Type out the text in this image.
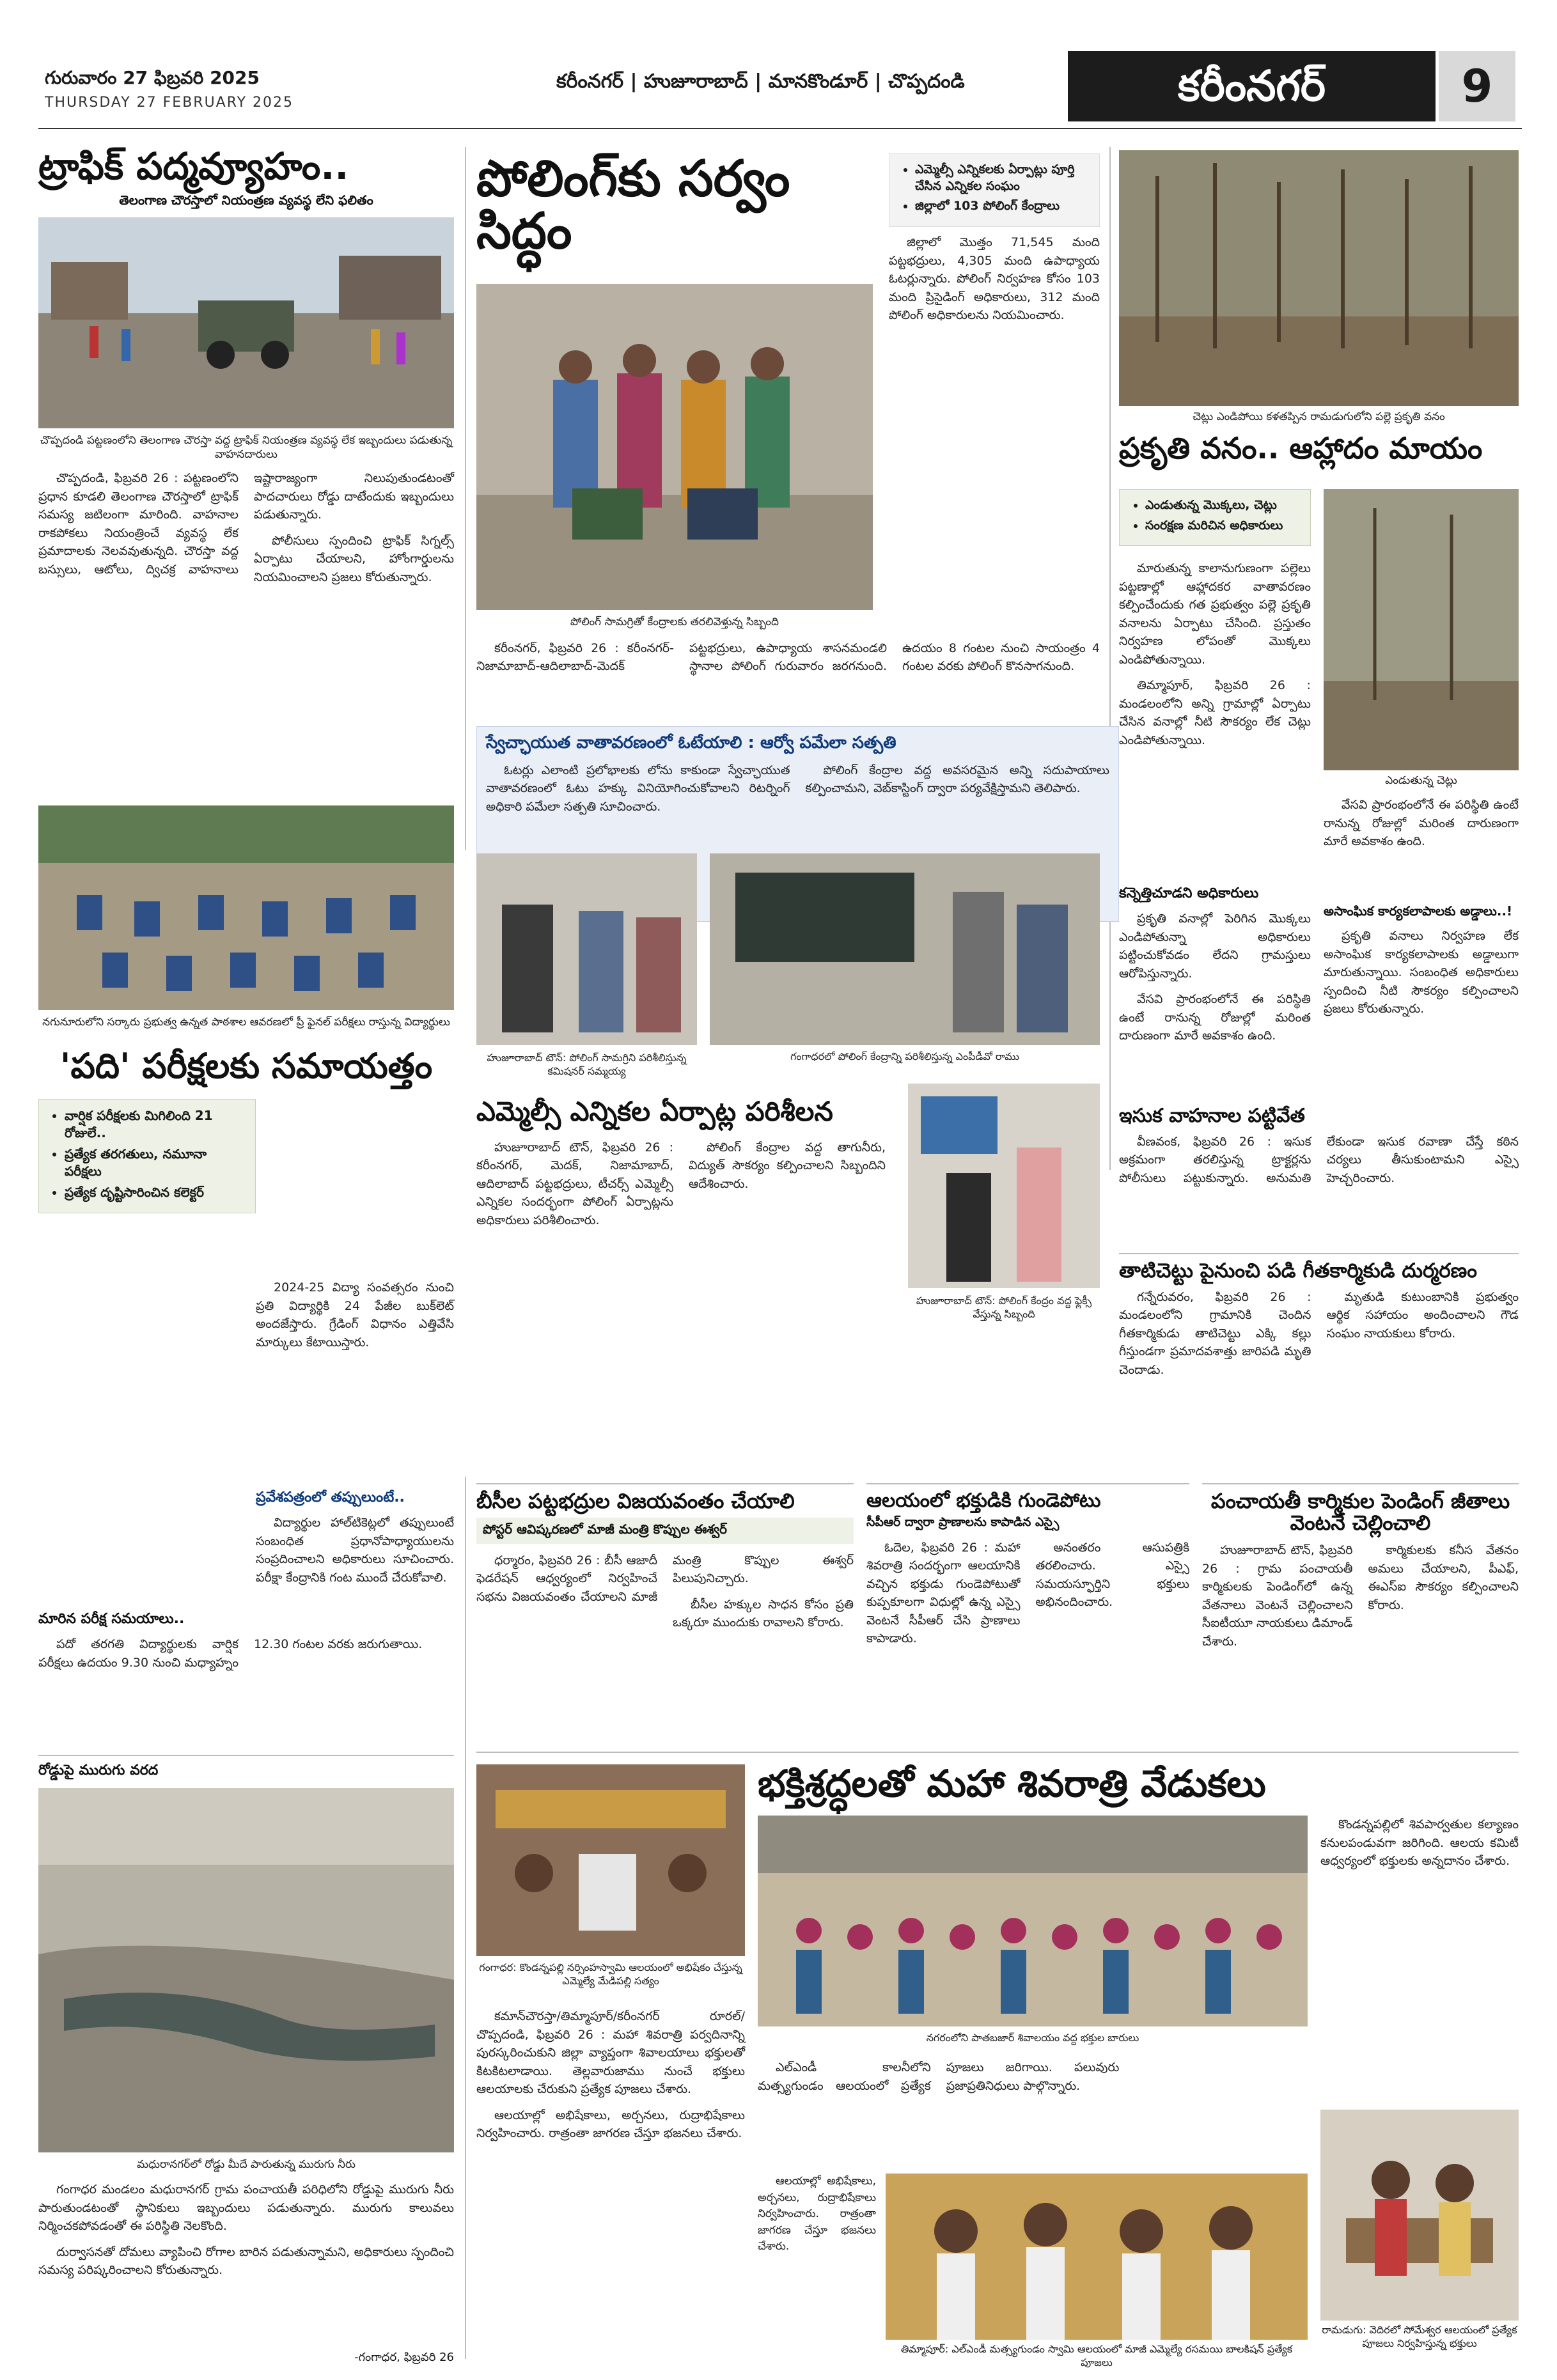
గురువారం 27 ఫిబ్రవరి 2025
THURSDAY 27 FEBRUARY 2025
కరీంనగర్ | హుజూరాబాద్ | మానకొండూర్ | చొప్పదండి	కరీంనగర్	9
ట్రాఫిక్ పద్మవ్యూహం..
తెలంగాణ చౌరస్తాలో నియంత్రణ వ్యవస్థ లేని ఫలితం
చొప్పదండి పట్టణంలోని తెలంగాణ చౌరస్తా వద్ద ట్రాఫిక్ నియంత్రణ వ్యవస్థ లేక ఇబ్బందులు పడుతున్న వాహనదారులు

చొప్పదండి, ఫిబ్రవరి 26 : పట్టణంలోని ప్రధాన కూడలి తెలంగాణ చౌరస్తాలో ట్రాఫిక్ సమస్య జటిలంగా మారింది. వాహనాల రాకపోకలు నియంత్రించే వ్యవస్థ లేక ప్రమాదాలకు నెలవవుతున్నది. చౌరస్తా వద్ద బస్సులు, ఆటోలు, ద్విచక్ర వాహనాలు ఇష్టారాజ్యంగా నిలుపుతుండటంతో పాదచారులు రోడ్డు దాటేందుకు ఇబ్బందులు పడుతున్నారు.

పోలీసులు స్పందించి ట్రాఫిక్ సిగ్నల్స్ ఏర్పాటు చేయాలని, హోంగార్డులను నియమించాలని ప్రజలు కోరుతున్నారు.

పోలింగ్‌కు సర్వం సిద్ధం
• ఎమ్మెల్సీ ఎన్నికలకు ఏర్పాట్లు పూర్తి చేసిన ఎన్నికల సంఘం
• జిల్లాలో 103 పోలింగ్ కేంద్రాలు
పోలింగ్ సామగ్రితో కేంద్రాలకు తరలివెళ్తున్న సిబ్బంది

జిల్లాలో మొత్తం 71,545 మంది పట్టభద్రులు, 4,305 మంది ఉపాధ్యాయ ఓటర్లున్నారు. పోలింగ్ నిర్వహణ కోసం 103 మంది ప్రిసైడింగ్ అధికారులు, 312 మంది పోలింగ్ అధికారులను నియమించారు.

కరీంనగర్, ఫిబ్రవరి 26 : కరీంనగర్- నిజామాబాద్-ఆదిలాబాద్-మెదక్ పట్టభద్రులు, ఉపాధ్యాయ శాసనమండలి స్థానాల పోలింగ్ గురువారం జరగనుంది. ఉదయం 8 గంటల నుంచి సాయంత్రం 4 గంటల వరకు పోలింగ్ కొనసాగనుంది.

స్వేచ్ఛాయుత వాతావరణంలో ఓటేయాలి : ఆర్వో పమేలా సత్పతి

ఓటర్లు ఎలాంటి ప్రలోభాలకు లోను కాకుండా స్వేచ్ఛాయుత వాతావరణంలో ఓటు హక్కు వినియోగించుకోవాలని రిటర్నింగ్ అధికారి పమేలా సత్పతి సూచించారు.

పోలింగ్ కేంద్రాల వద్ద అవసరమైన అన్ని సదుపాయాలు కల్పించామని, వెబ్‌కాస్టింగ్ ద్వారా పర్యవేక్షిస్తామని తెలిపారు.

చెట్లు ఎండిపోయి కళతప్పిన రామడుగులోని పల్లె ప్రకృతి వనం
ప్రకృతి వనం.. ఆహ్లాదం మాయం
• ఎండుతున్న మొక్కలు, చెట్లు
• సంరక్షణ మరిచిన అధికారులు
ఎండుతున్న చెట్లు

మారుతున్న కాలానుగుణంగా పల్లెలు పట్టణాల్లో ఆహ్లాదకర వాతావరణం కల్పించేందుకు గత ప్రభుత్వం పల్లె ప్రకృతి వనాలను ఏర్పాటు చేసింది. ప్రస్తుతం నిర్వహణ లోపంతో మొక్కలు ఎండిపోతున్నాయి.

తిమ్మాపూర్, ఫిబ్రవరి 26 : మండలంలోని అన్ని గ్రామాల్లో ఏర్పాటు చేసిన వనాల్లో నీటి సౌకర్యం లేక చెట్లు ఎండిపోతున్నాయి.

కన్నెత్తిచూడని అధికారులు

ప్రకృతి వనాల్లో పెరిగిన మొక్కలు ఎండిపోతున్నా అధికారులు పట్టించుకోవడం లేదని గ్రామస్తులు ఆరోపిస్తున్నారు.

వేసవి ప్రారంభంలోనే ఈ పరిస్థితి ఉంటే రానున్న రోజుల్లో మరింత దారుణంగా మారే అవకాశం ఉంది.

వేసవి ప్రారంభంలోనే ఈ పరిస్థితి ఉంటే రానున్న రోజుల్లో మరింత దారుణంగా మారే అవకాశం ఉంది.

అసాంఘిక కార్యకలాపాలకు అడ్డాలు..!

ప్రకృతి వనాలు నిర్వహణ లేక అసాంఘిక కార్యకలాపాలకు అడ్డాలుగా మారుతున్నాయి. సంబంధిత అధికారులు స్పందించి నీటి సౌకర్యం కల్పించాలని ప్రజలు కోరుతున్నారు.

నగునూరులోని సర్కారు ప్రభుత్వ ఉన్నత పాఠశాల ఆవరణలో ప్రీ ఫైనల్ పరీక్షలు రాస్తున్న విద్యార్థులు
'పది' పరీక్షలకు సమాయత్తం
• వార్షిక పరీక్షలకు మిగిలింది 21 రోజులే..
• ప్రత్యేక తరగతులు, నమూనా పరీక్షలు
• ప్రత్యేక దృష్టిసారించిన కలెక్టర్

2024-25 విద్యా సంవత్సరం నుంచి ప్రతి విద్యార్థికి 24 పేజీల బుక్‌లెట్ అందజేస్తారు. గ్రేడింగ్ విధానం ఎత్తివేసి మార్కులు కేటాయిస్తారు.

ప్రవేశపత్రంలో తప్పులుంటే..

విద్యార్థుల హాల్‌టికెట్లలో తప్పులుంటే సంబంధిత ప్రధానోపాధ్యాయులను సంప్రదించాలని అధికారులు సూచించారు. పరీక్షా కేంద్రానికి గంట ముందే చేరుకోవాలి.

మారిన పరీక్ష సమయాలు..

పదో తరగతి విద్యార్థులకు వార్షిక పరీక్షలు ఉదయం 9.30 నుంచి మధ్యాహ్నం 12.30 గంటల వరకు జరుగుతాయి.

హుజూరాబాద్ టౌన్: పోలింగ్ సామగ్రిని పరిశీలిస్తున్న కమిషనర్ సమ్మయ్య
గంగాధరలో పోలింగ్ కేంద్రాన్ని పరిశీలిస్తున్న ఎంపీడీవో రాము
ఎమ్మెల్సీ ఎన్నికల ఏర్పాట్ల పరిశీలన
హుజూరాబాద్ టౌన్: పోలింగ్ కేంద్రం వద్ద ఫ్లెక్సీ వేస్తున్న సిబ్బంది

హుజూరాబాద్ టౌన్, ఫిబ్రవరి 26 : కరీంనగర్, మెదక్, నిజామాబాద్, ఆదిలాబాద్ పట్టభద్రులు, టీచర్స్ ఎమ్మెల్సీ ఎన్నికల సందర్భంగా పోలింగ్ ఏర్పాట్లను అధికారులు పరిశీలించారు.

పోలింగ్ కేంద్రాల వద్ద తాగునీరు, విద్యుత్ సౌకర్యం కల్పించాలని సిబ్బందిని ఆదేశించారు.

ఇసుక వాహనాల పట్టివేత

వీణవంక, ఫిబ్రవరి 26 : ఇసుక అక్రమంగా తరలిస్తున్న ట్రాక్టర్లను పోలీసులు పట్టుకున్నారు. అనుమతి లేకుండా ఇసుక రవాణా చేస్తే కఠిన చర్యలు తీసుకుంటామని ఎస్సై హెచ్చరించారు.

తాటిచెట్టు పైనుంచి పడి గీతకార్మికుడి దుర్మరణం

గన్నేరువరం, ఫిబ్రవరి 26 : మండలంలోని గ్రామానికి చెందిన గీతకార్మికుడు తాటిచెట్టు ఎక్కి కల్లు గీస్తుండగా ప్రమాదవశాత్తు జారిపడి మృతి చెందాడు.

మృతుడి కుటుంబానికి ప్రభుత్వం ఆర్థిక సహాయం అందించాలని గౌడ సంఘం నాయకులు కోరారు.

బీసీల పట్టభద్రుల విజయవంతం చేయాలి
పోస్టర్ ఆవిష్కరణలో మాజీ మంత్రి కొప్పుల ఈశ్వర్

ధర్మారం, ఫిబ్రవరి 26 : బీసీ ఆజాదీ ఫెడరేషన్ ఆధ్వర్యంలో నిర్వహించే సభను విజయవంతం చేయాలని మాజీ మంత్రి కొప్పుల ఈశ్వర్ పిలుపునిచ్చారు.

బీసీల హక్కుల సాధన కోసం ప్రతి ఒక్కరూ ముందుకు రావాలని కోరారు.

ఆలయంలో భక్తుడికి గుండెపోటు
సీపీఆర్ ద్వారా ప్రాణాలను కాపాడిన ఎస్సై

ఓదెల, ఫిబ్రవరి 26 : మహా శివరాత్రి సందర్భంగా ఆలయానికి వచ్చిన భక్తుడు గుండెపోటుతో కుప్పకూలగా విధుల్లో ఉన్న ఎస్సై వెంటనే సీపీఆర్ చేసి ప్రాణాలు కాపాడారు.

అనంతరం ఆసుపత్రికి తరలించారు. ఎస్సై సమయస్ఫూర్తిని భక్తులు అభినందించారు.

పంచాయతీ కార్మికుల పెండింగ్ జీతాలు వెంటనే చెల్లించాలి

హుజూరాబాద్ టౌన్, ఫిబ్రవరి 26 : గ్రామ పంచాయతీ కార్మికులకు పెండింగ్‌లో ఉన్న వేతనాలు వెంటనే చెల్లించాలని సీఐటీయూ నాయకులు డిమాండ్ చేశారు.

కార్మికులకు కనీస వేతనం అమలు చేయాలని, పీఎఫ్, ఈఎస్ఐ సౌకర్యం కల్పించాలని కోరారు.

రోడ్డుపై మురుగు వరద
మధురానగర్‌లో రోడ్డు మీదే పారుతున్న మురుగు నీరు

గంగాధర మండలం మధురానగర్ గ్రామ పంచాయతీ పరిధిలోని రోడ్డుపై మురుగు నీరు పారుతుండటంతో స్థానికులు ఇబ్బందులు పడుతున్నారు. మురుగు కాలువలు నిర్మించకపోవడంతో ఈ పరిస్థితి నెలకొంది.

దుర్వాసనతో దోమలు వ్యాపించి రోగాల బారిన పడుతున్నామని, అధికారులు స్పందించి సమస్య పరిష్కరించాలని కోరుతున్నారు.

-గంగాధర, ఫిబ్రవరి 26
గంగాధర: కొండన్నపల్లి నర్సింహస్వామి ఆలయంలో అభిషేకం చేస్తున్న ఎమ్మెల్యే మేడిపల్లి సత్యం
భక్తిశ్రద్ధలతో మహా శివరాత్రి వేడుకలు
నగరంలోని పాతబజార్ శివాలయం వద్ద భక్తుల బారులు

కొండన్నపల్లిలో శివపార్వతుల కల్యాణం కనులపండువగా జరిగింది. ఆలయ కమిటీ ఆధ్వర్యంలో భక్తులకు అన్నదానం చేశారు.

కమాన్‌చౌరస్తా/తిమ్మాపూర్/కరీంనగర్ రూరల్/చొప్పదండి, ఫిబ్రవరి 26 : మహా శివరాత్రి పర్వదినాన్ని పురస్కరించుకుని జిల్లా వ్యాప్తంగా శివాలయాలు భక్తులతో కిటకిటలాడాయి. తెల్లవారుజాము నుంచే భక్తులు ఆలయాలకు చేరుకుని ప్రత్యేక పూజలు చేశారు.

ఆలయాల్లో అభిషేకాలు, అర్చనలు, రుద్రాభిషేకాలు నిర్వహించారు. రాత్రంతా జాగరణ చేస్తూ భజనలు చేశారు.

ఎల్‌ఎండీ కాలనీలోని మత్స్యగుండం ఆలయంలో ప్రత్యేక పూజలు జరిగాయి. పలువురు ప్రజాప్రతినిధులు పాల్గొన్నారు.

తిమ్మాపూర్: ఎల్‌ఎండీ మత్స్యగుండం స్వామి ఆలయంలో మాజీ ఎమ్మెల్యే రసమయి బాలకిషన్ ప్రత్యేక పూజలు

ఆలయాల్లో అభిషేకాలు, అర్చనలు, రుద్రాభిషేకాలు నిర్వహించారు. రాత్రంతా జాగరణ చేస్తూ భజనలు చేశారు.

రామడుగు: వెదిరలో సోమేశ్వర ఆలయంలో ప్రత్యేక పూజలు నిర్వహిస్తున్న భక్తులు
